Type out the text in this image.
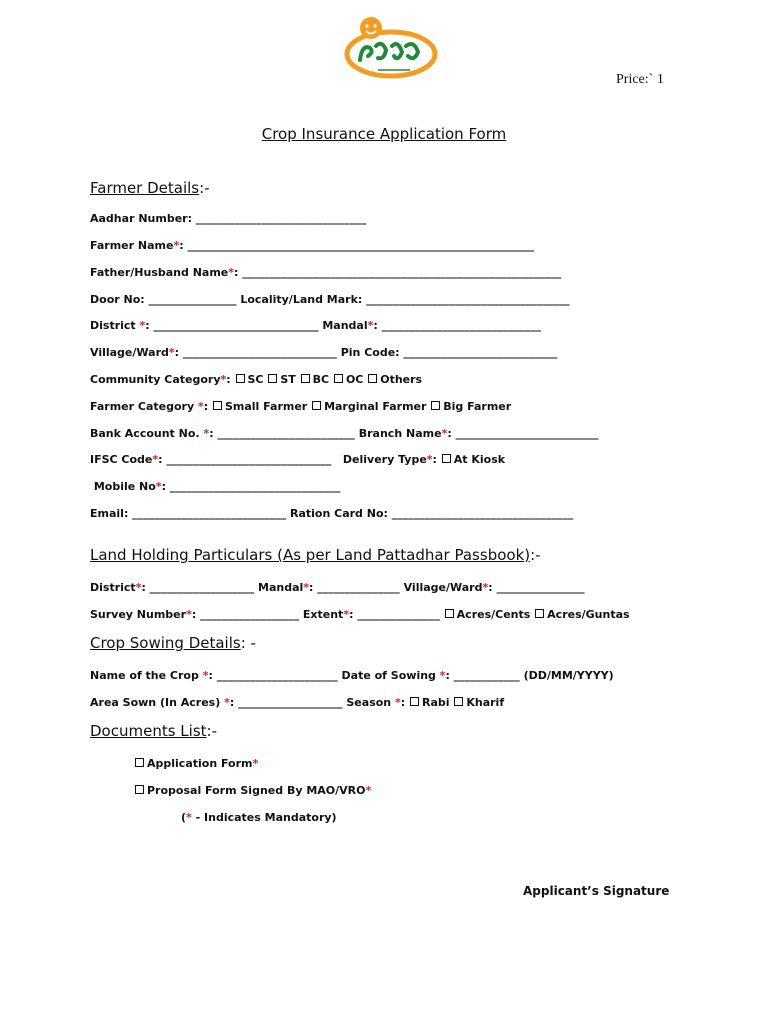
Price:` 1
Crop Insurance Application Form
Farmer Details:-
Aadhar Number: _______________________________
Farmer Name*: _______________________________________________________________
Father/Husband Name*: __________________________________________________________
Door No: ________________ Locality/Land Mark: _____________________________________
District *: ______________________________ Mandal*: _____________________________
Village/Ward*: ____________________________ Pin Code: ____________________________
Community Category*: SC ST BC OC Others
Farmer Category *: Small Farmer Marginal Farmer Big Farmer
Bank Account No. *: _________________________ Branch Name*: __________________________
IFSC Code*: ______________________________   Delivery Type*: At Kiosk
Mobile No*: _______________________________
Email: ____________________________ Ration Card No: _________________________________
Land Holding Particulars (As per Land Pattadhar Passbook):-
District*: ___________________ Mandal*: _______________ Village/Ward*: ________________
Survey Number*: __________________ Extent*: _______________ Acres/Cents Acres/Guntas
Crop Sowing Details: -
Name of the Crop *: ______________________ Date of Sowing *: ____________ (DD/MM/YYYY)
Area Sown (In Acres) *: ___________________ Season *: Rabi Kharif
Documents List:-
Application Form*
Proposal Form Signed By MAO/VRO*
(* - Indicates Mandatory)
Applicant’s Signature
